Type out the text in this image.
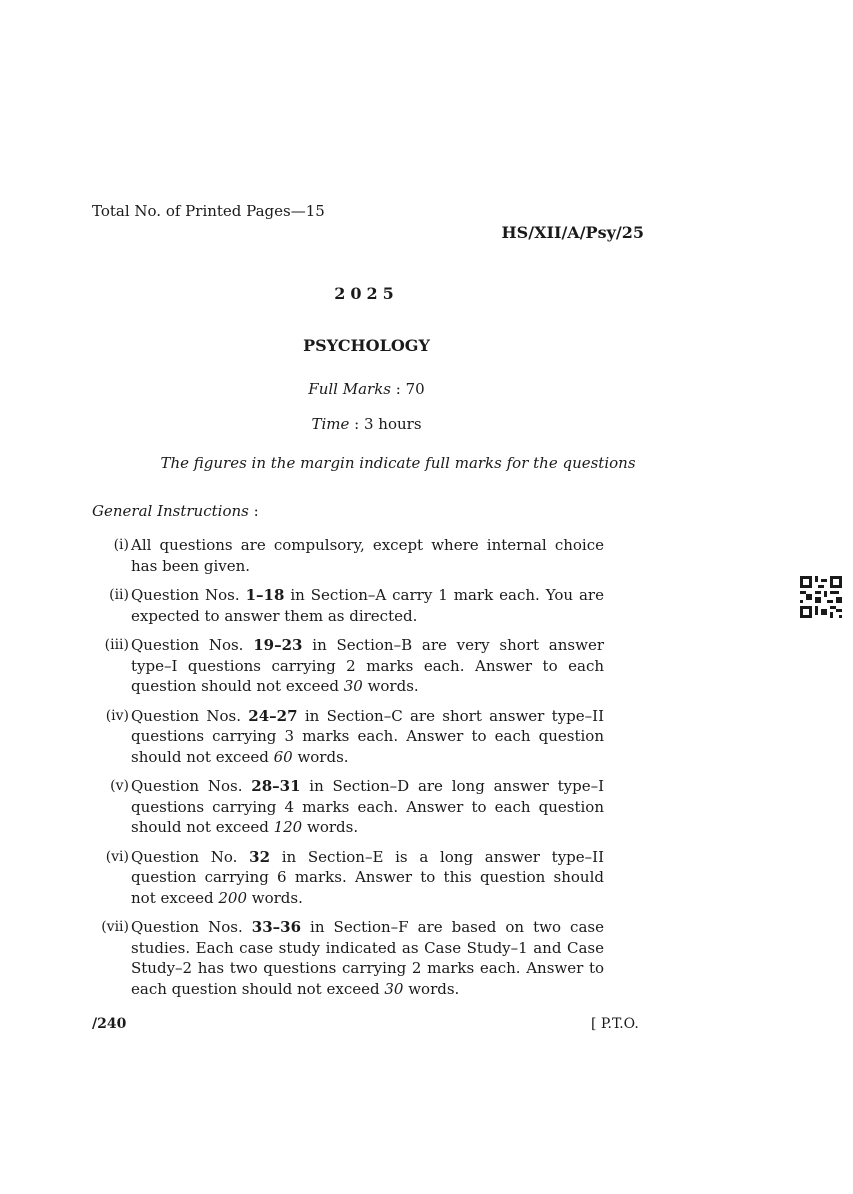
Total No. of Printed Pages—15
HS/XII/A/Psy/25
2025
PSYCHOLOGY
Full Marks : 70
Time : 3 hours
The figures in the margin indicate full marks for the questions
General Instructions :
(i) All questions are compulsory, except where internal choice has been given.
(ii) Question Nos. 1–18 in Section–A carry 1 mark each. You are expected to answer them as directed.
(iii) Question Nos. 19–23 in Section–B are very short answer type–I questions carrying 2 marks each. Answer to each question should not exceed 30 words.
(iv) Question Nos. 24–27 in Section–C are short answer type–II questions carrying 3 marks each. Answer to each question should not exceed 60 words.
(v) Question Nos. 28–31 in Section–D are long answer type–I questions carrying 4 marks each. Answer to each question should not exceed 120 words.
(vi) Question No. 32 in Section–E is a long answer type–II question carrying 6 marks. Answer to this question should not exceed 200 words.
(vii) Question Nos. 33–36 in Section–F are based on two case studies. Each case study indicated as Case Study–1 and Case Study–2 has two questions carrying 2 marks each. Answer to each question should not exceed 30 words.
/240	[ P.T.O.
